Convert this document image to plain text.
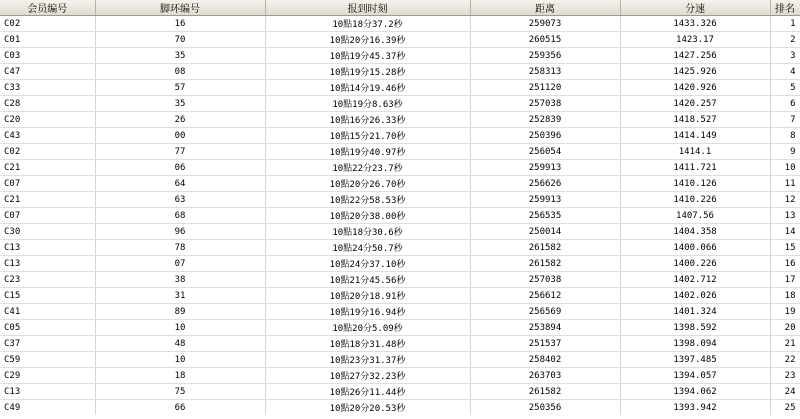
会员编号	脚环编号	报到时刻	距离	分速	排名
C02	16	10點18分37.2秒	259073	1433.326	1
C01	70	10點20分16.39秒	260515	1423.17	2
C03	35	10點19分45.37秒	259356	1427.256	3
C47	08	10點19分15.28秒	258313	1425.926	4
C33	57	10點14分19.46秒	251120	1420.926	5
C28	35	10點19分8.63秒	257038	1420.257	6
C20	26	10點16分26.33秒	252839	1418.527	7
C43	00	10點15分21.70秒	250396	1414.149	8
C02	77	10點19分40.97秒	256054	1414.1	9
C21	06	10點22分23.7秒	259913	1411.721	10
C07	64	10點20分26.70秒	256626	1410.126	11
C21	63	10點22分58.53秒	259913	1410.226	12
C07	68	10點20分38.00秒	256535	1407.56	13
C30	96	10點18分30.6秒	250014	1404.358	14
C13	78	10點24分50.7秒	261582	1400.066	15
C13	07	10點24分37.10秒	261582	1400.226	16
C23	38	10點21分45.56秒	257038	1402.712	17
C15	31	10點20分18.91秒	256612	1402.026	18
C41	89	10點19分16.94秒	256569	1401.324	19
C05	10	10點20分5.09秒	253894	1398.592	20
C37	48	10點18分31.48秒	251537	1398.094	21
C59	10	10點23分31.37秒	258402	1397.485	22
C29	18	10點27分32.23秒	263703	1394.057	23
C13	75	10點26分11.44秒	261582	1394.062	24
C49	66	10點20分20.53秒	250356	1393.942	25
